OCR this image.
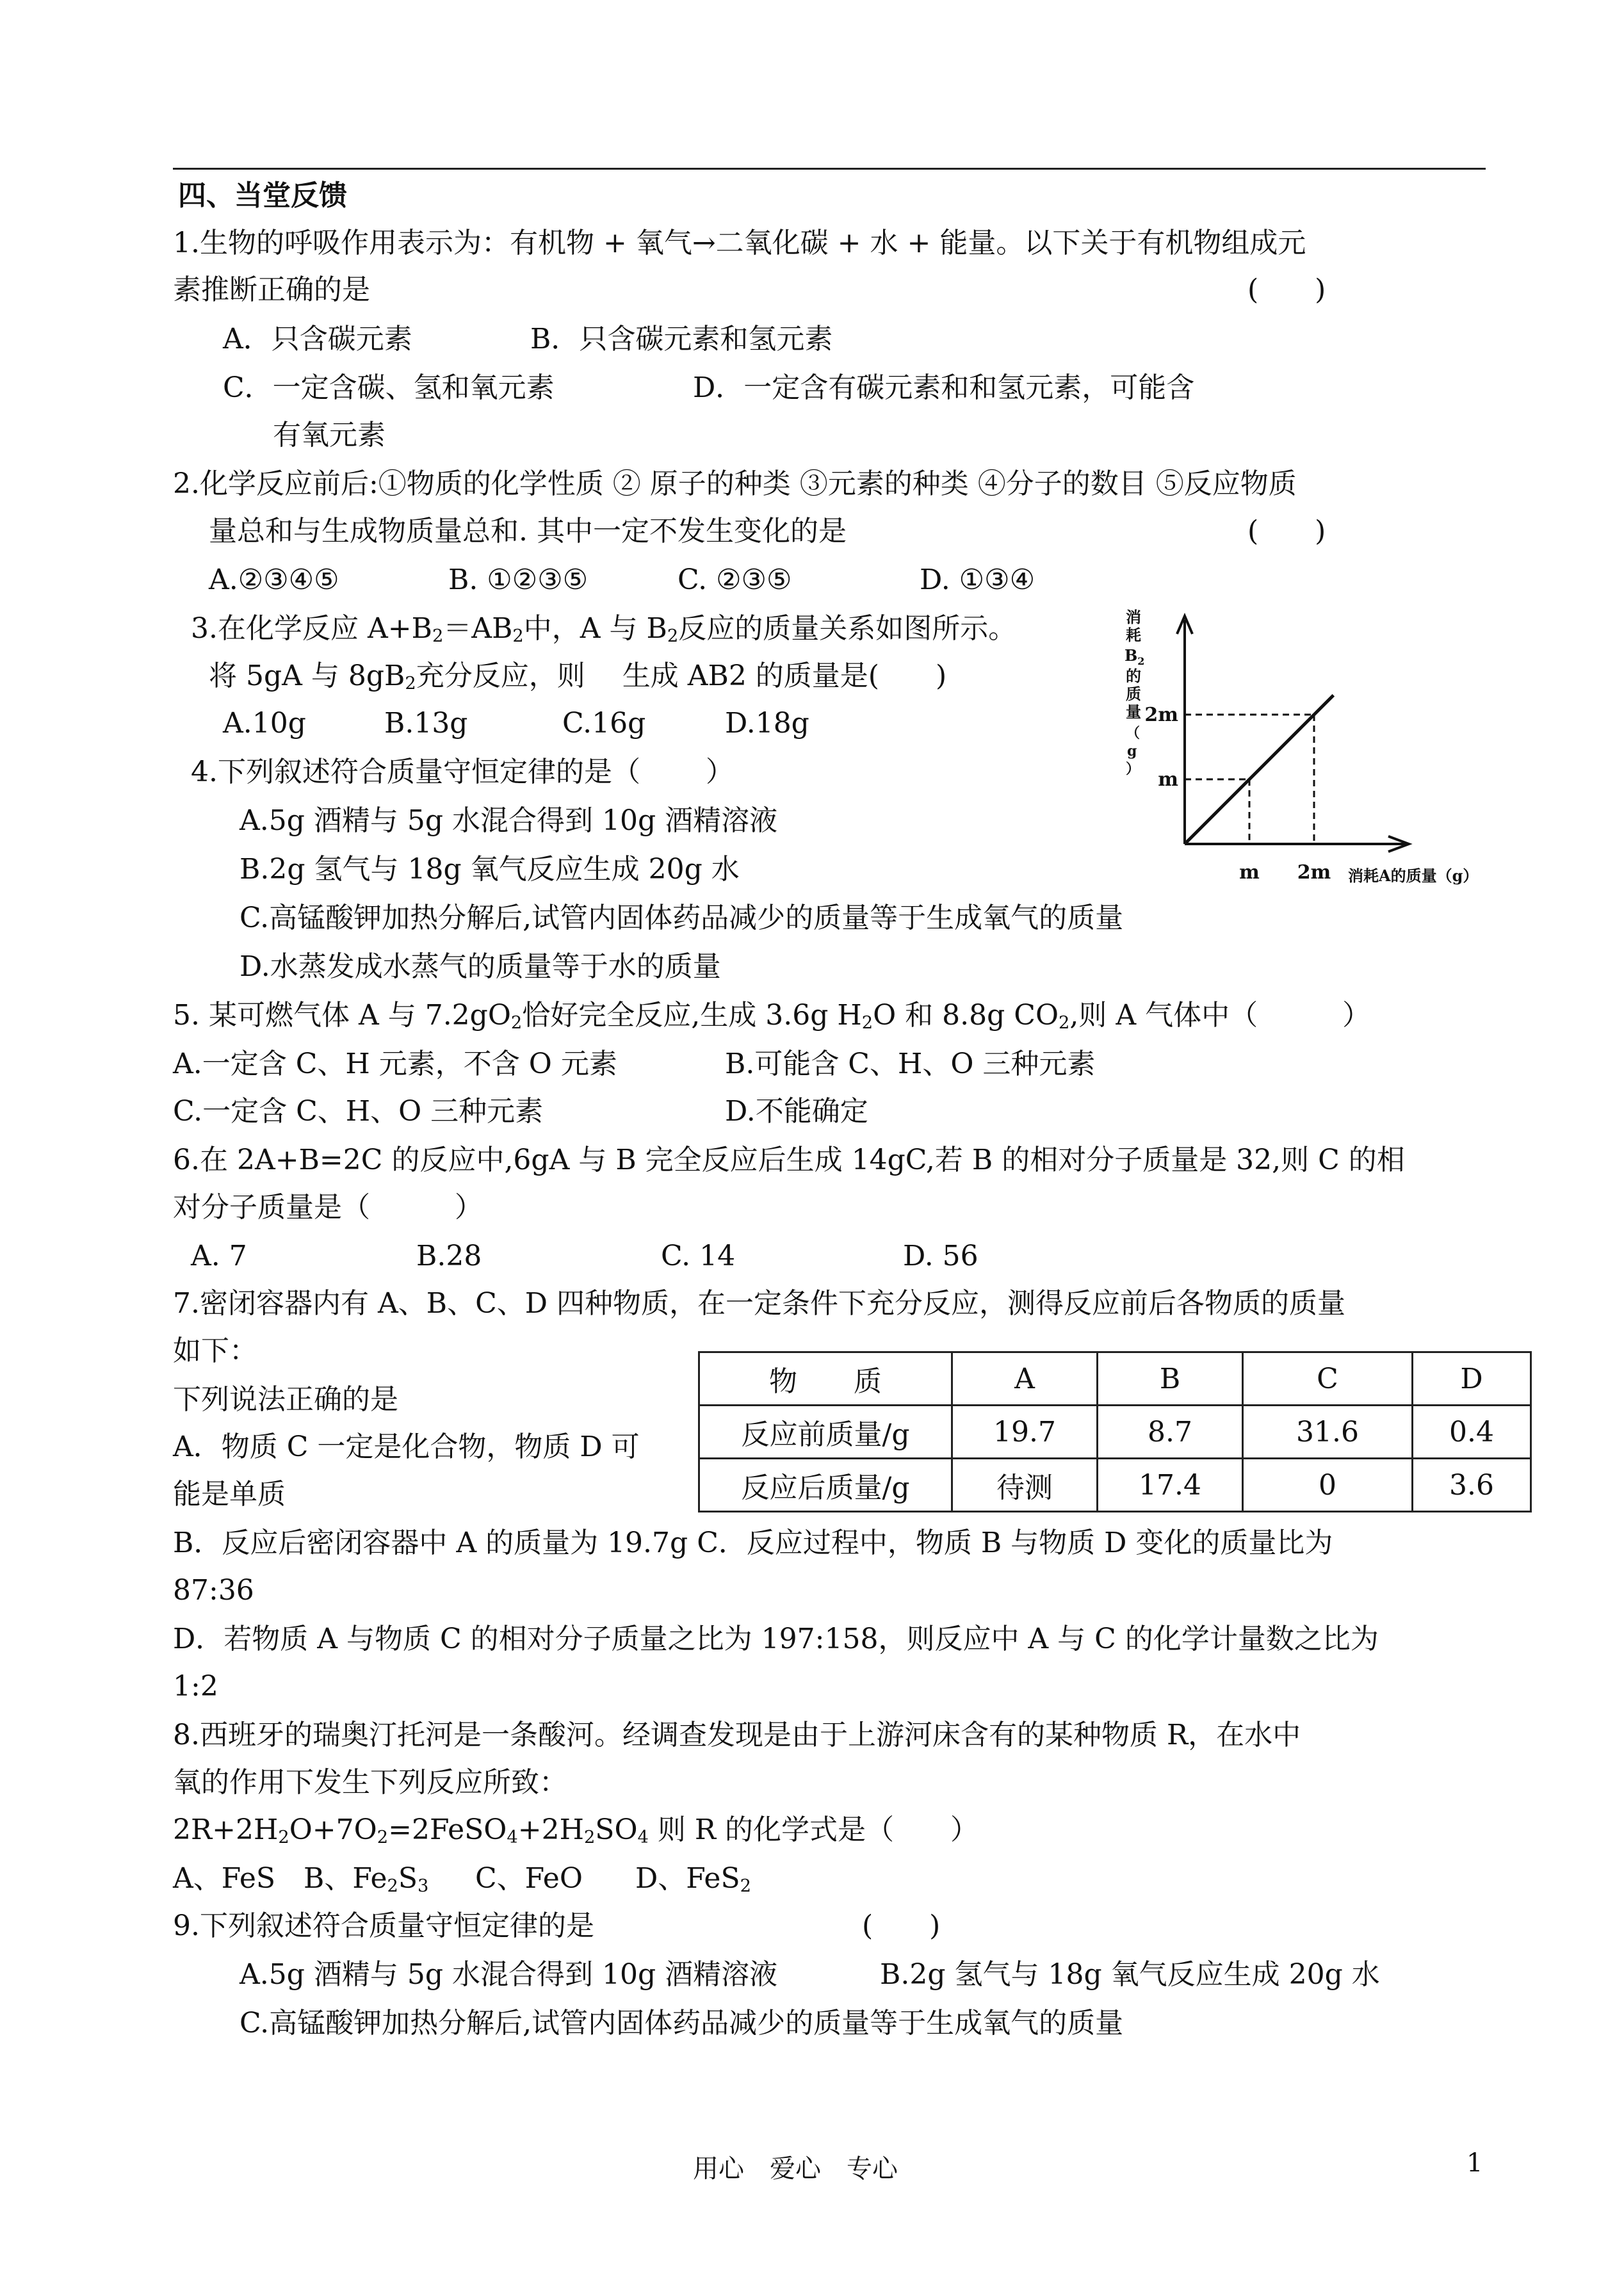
四、当堂反馈
1.生物的呼吸作用表示为：有机物 + 氧气→二氧化碳 + 水 + 能量。以下关于有机物组成元
素推断正确的是	(　　)
A．只含碳元素	B．只含碳元素和氢元素
C．一定含碳、氢和氧元素	D．一定含有碳元素和和氢元素，可能含
有氧元素
2.化学反应前后:①物质的化学性质 ② 原子的种类 ③元素的种类 ④分子的数目 ⑤反应物质
量总和与生成物质量总和. 其中一定不发生变化的是	(　　)
A.②③④⑤	B. ①②③⑤	C. ②③⑤	D. ①③④
3.在化学反应 $A+B_2=AB_2$中，A 与 $B_2$反应的质量关系如图所示。
将 5gA 与 $8gB_2$充分反应，则　 生成 AB2 的质量是(　　)
A.10g	B.13g	C.16g	D.18g
消
耗
$B_2$
的
质
量
（
g
） m
2m
m 2m 消耗A的质量（g）
4.下列叙述符合质量守恒定律的是（　　 ）
A.5g 酒精与 5g 水混合得到 10g 酒精溶液
B.2g 氢气与 18g 氧气反应生成 20g 水
C.高锰酸钾加热分解后,试管内固体药品减少的质量等于生成氧气的质量
D.水蒸发成水蒸气的质量等于水的质量
5. 某可燃气体 A 与 $7.2gO_2$恰好完全反应,生成 3.6g $H_2O$ 和 8.8g $CO_2$,则 A 气体中（　　　）
A.一定含 C、H 元素，不含 O 元素	B.可能含 C、H、O 三种元素
C.一定含 C、H、O 三种元素	D.不能确定
6.在 2A+B=2C 的反应中,6gA 与 B 完全反应后生成 14gC,若 B 的相对分子质量是 32,则 C 的相
对分子质量是（　　　）
A. 7	B.28	C. 14	D. 56
7.密闭容器内有 A、B、C、D 四种物质，在一定条件下充分反应，测得反应前后各物质的质量
如下：
下列说法正确的是
A．物质 C 一定是化合物，物质 D 可
能是单质
物　　质	A	B	C	D
反应前质量/g	19.7	8.7	31.6	0.4
反应后质量/g	待测	17.4	0	3.6
B．反应后密闭容器中 A 的质量为 19.7g C．反应过程中，物质 B 与物质 D 变化的质量比为
87:36
D．若物质 A 与物质 C 的相对分子质量之比为 197:158，则反应中 A 与 C 的化学计量数之比为
1:2
8.西班牙的瑞奥汀托河是一条酸河。经调查发现是由于上游河床含有的某种物质 R，在水中
氧的作用下发生下列反应所致：
$2R+2H_2O+7O_2=2FeSO_4+2H_2SO_4$ 则 R 的化学式是（　　）
A、FeS B、$Fe_2S_3$ C、FeO D、FeS$_2$
9.下列叙述符合质量守恒定律的是	(　　)
A.5g 酒精与 5g 水混合得到 10g 酒精溶液	B.2g 氢气与 18g 氧气反应生成 20g 水
C.高锰酸钾加热分解后,试管内固体药品减少的质量等于生成氧气的质量
用心　爱心　专心	1
